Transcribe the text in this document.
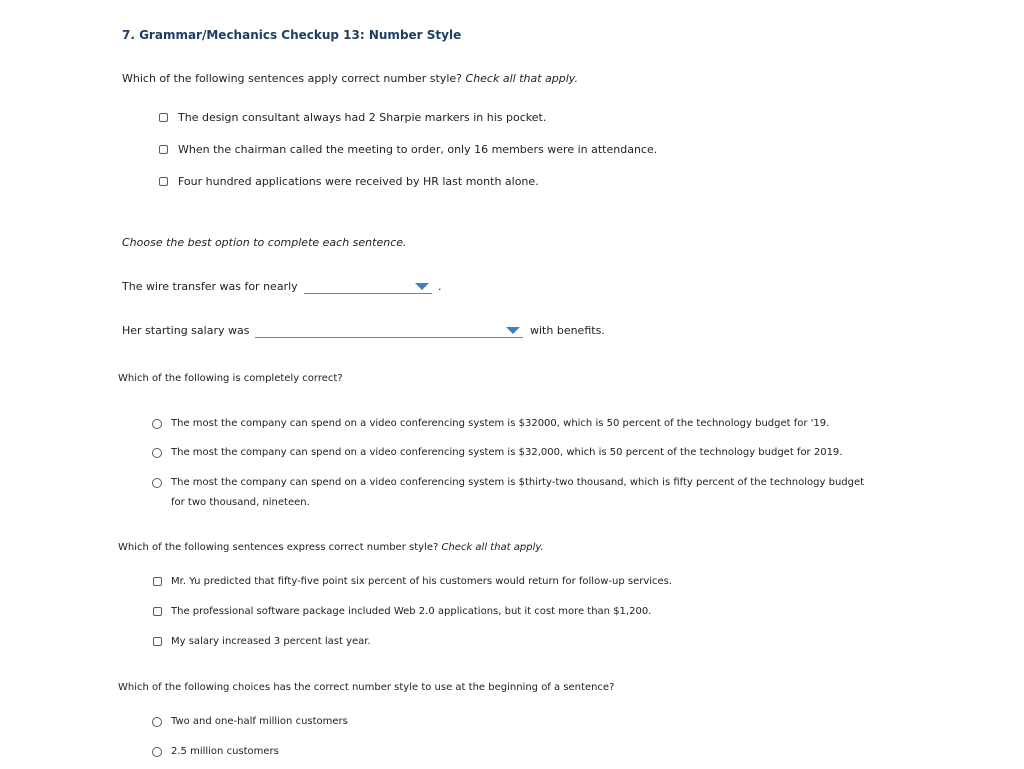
7. Grammar/Mechanics Checkup 13: Number Style
Which of the following sentences apply correct number style? Check all that apply.
The design consultant always had 2 Sharpie markers in his pocket.
When the chairman called the meeting to order, only 16 members were in attendance.
Four hundred applications were received by HR last month alone.
Choose the best option to complete each sentence.
The wire transfer was for nearly	.
Her starting salary was	with benefits.
Which of the following is completely correct?
The most the company can spend on a video conferencing system is $32000, which is 50 percent of the technology budget for '19.
The most the company can spend on a video conferencing system is $32,000, which is 50 percent of the technology budget for 2019.
The most the company can spend on a video conferencing system is $thirty-two thousand, which is fifty percent of the technology budget
for two thousand, nineteen.
Which of the following sentences express correct number style? Check all that apply.
Mr. Yu predicted that fifty-five point six percent of his customers would return for follow-up services.
The professional software package included Web 2.0 applications, but it cost more than $1,200.
My salary increased 3 percent last year.
Which of the following choices has the correct number style to use at the beginning of a sentence?
Two and one-half million customers
2.5 million customers
